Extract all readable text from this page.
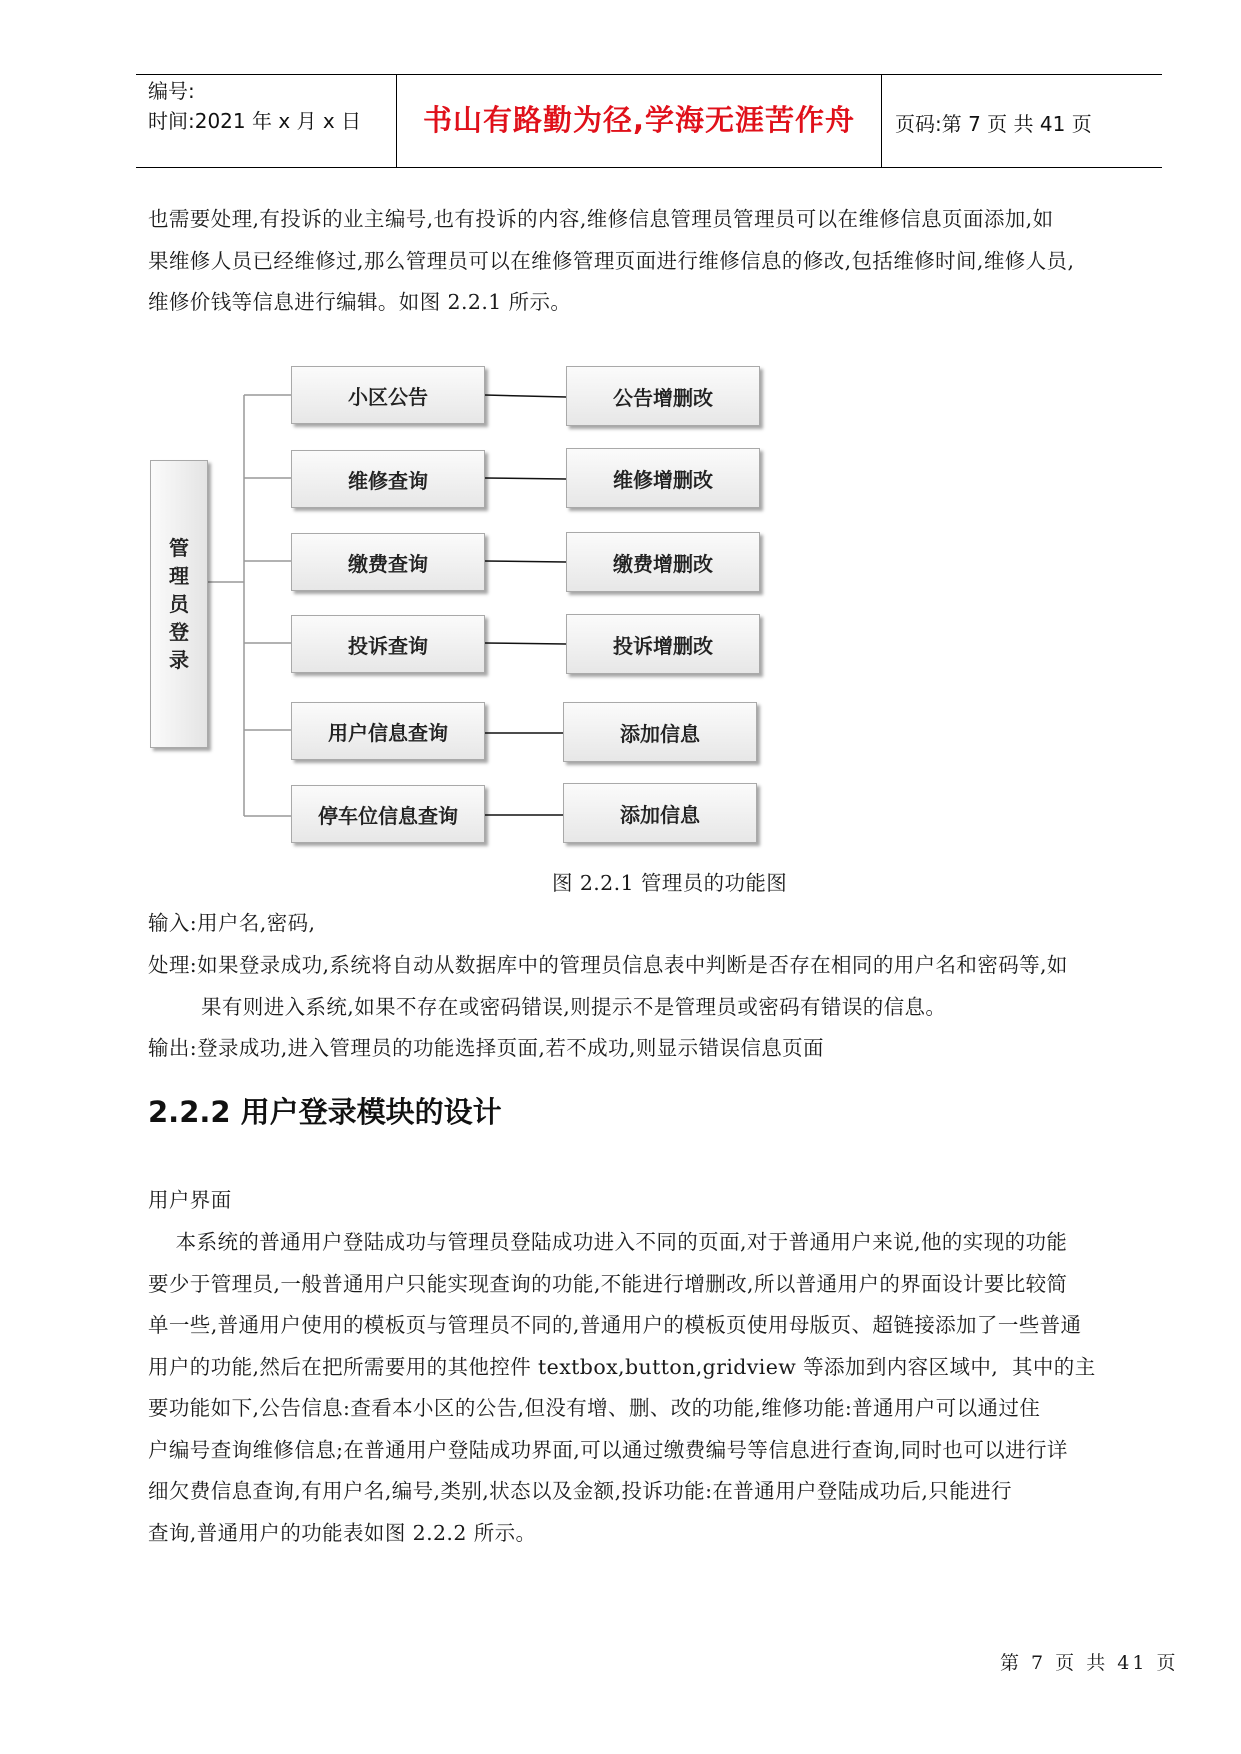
编号:
时间:2021 年 x 月 x 日	书山有路勤为径,学海无涯苦作舟	页码:第 7 页 共 41 页
也需要处理,有投诉的业主编号,也有投诉的内容,维修信息管理员管理员可以在维修信息页面添加,如
果维修人员已经维修过,那么管理员可以在维修管理页面进行维修信息的修改,包括维修时间,维修人员,
维修价钱等信息进行编辑。如图 2.2.1 所示。
管理员登录
小区公告
维修查询
缴费查询
投诉查询
用户信息查询
停车位信息查询
公告增删改
维修增删改
缴费增删改
投诉增删改
添加信息
添加信息
图 2.2.1 管理员的功能图
输入:用户名,密码,
处理:如果登录成功,系统将自动从数据库中的管理员信息表中判断是否存在相同的用户名和密码等,如
果有则进入系统,如果不存在或密码错误,则提示不是管理员或密码有错误的信息。
输出:登录成功,进入管理员的功能选择页面,若不成功,则显示错误信息页面
2.2.2 用户登录模块的设计
用户界面
本系统的普通用户登陆成功与管理员登陆成功进入不同的页面,对于普通用户来说,他的实现的功能
要少于管理员,一般普通用户只能实现查询的功能,不能进行增删改,所以普通用户的界面设计要比较简
单一些,普通用户使用的模板页与管理员不同的,普通用户的模板页使用母版页、超链接添加了一些普通
用户的功能,然后在把所需要用的其他控件 textbox,button,gridview 等添加到内容区域中,  其中的主
要功能如下,公告信息:查看本小区的公告,但没有增、删、改的功能,维修功能:普通用户可以通过住
户编号查询维修信息;在普通用户登陆成功界面,可以通过缴费编号等信息进行查询,同时也可以进行详
细欠费信息查询,有用户名,编号,类别,状态以及金额,投诉功能:在普通用户登陆成功后,只能进行
查询,普通用户的功能表如图 2.2.2 所示。
第 7 页 共 41 页
